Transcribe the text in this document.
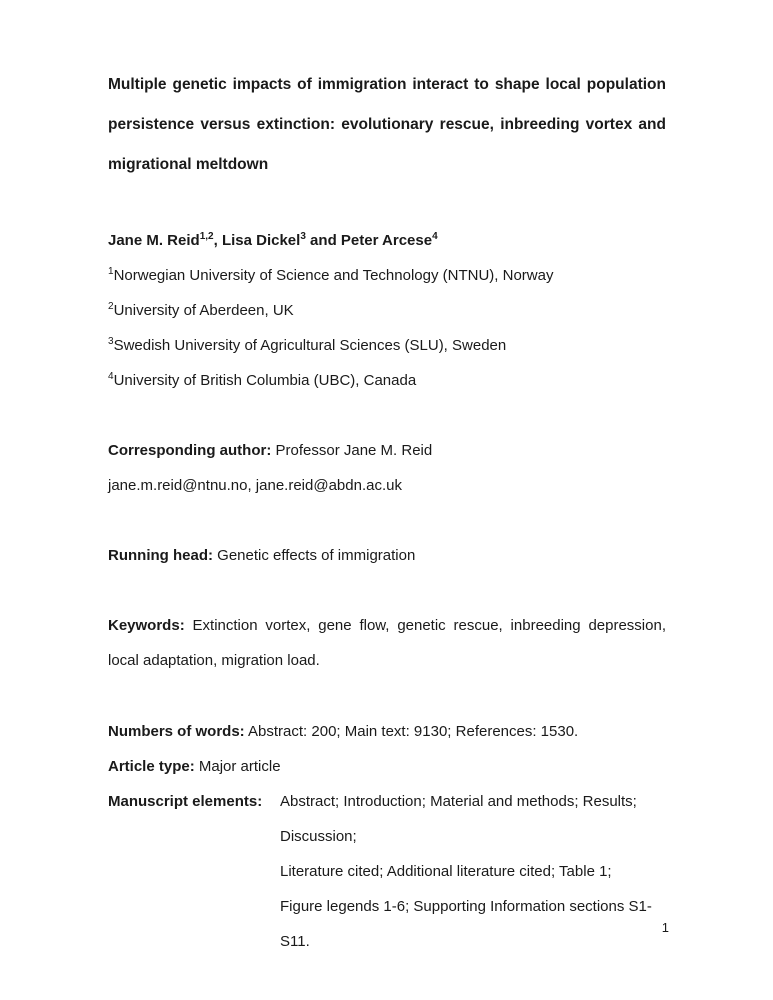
Multiple genetic impacts of immigration interact to shape local population persistence versus extinction: evolutionary rescue, inbreeding vortex and migrational meltdown

Jane M. Reid$^{1,2}$, Lisa Dickel$^3$ and Peter Arcese$^4$

$^1$Norwegian University of Science and Technology (NTNU), Norway

$^2$University of Aberdeen, UK

$^3$Swedish University of Agricultural Sciences (SLU), Sweden

$^4$University of British Columbia (UBC), Canada

Corresponding author: Professor Jane M. Reid

jane.m.reid@ntnu.no, jane.reid@abdn.ac.uk

Running head: Genetic effects of immigration

Keywords: Extinction vortex, gene flow, genetic rescue, inbreeding depression, local adaptation, migration load.

Numbers of words: Abstract: 200; Main text: 9130; References: 1530.

Article type: Major article

Manuscript elements:	Abstract; Introduction; Material and methods; Results; Discussion;

Literature cited; Additional literature cited; Table 1;

Figure legends 1-6; Supporting Information sections S1-S11.

1
